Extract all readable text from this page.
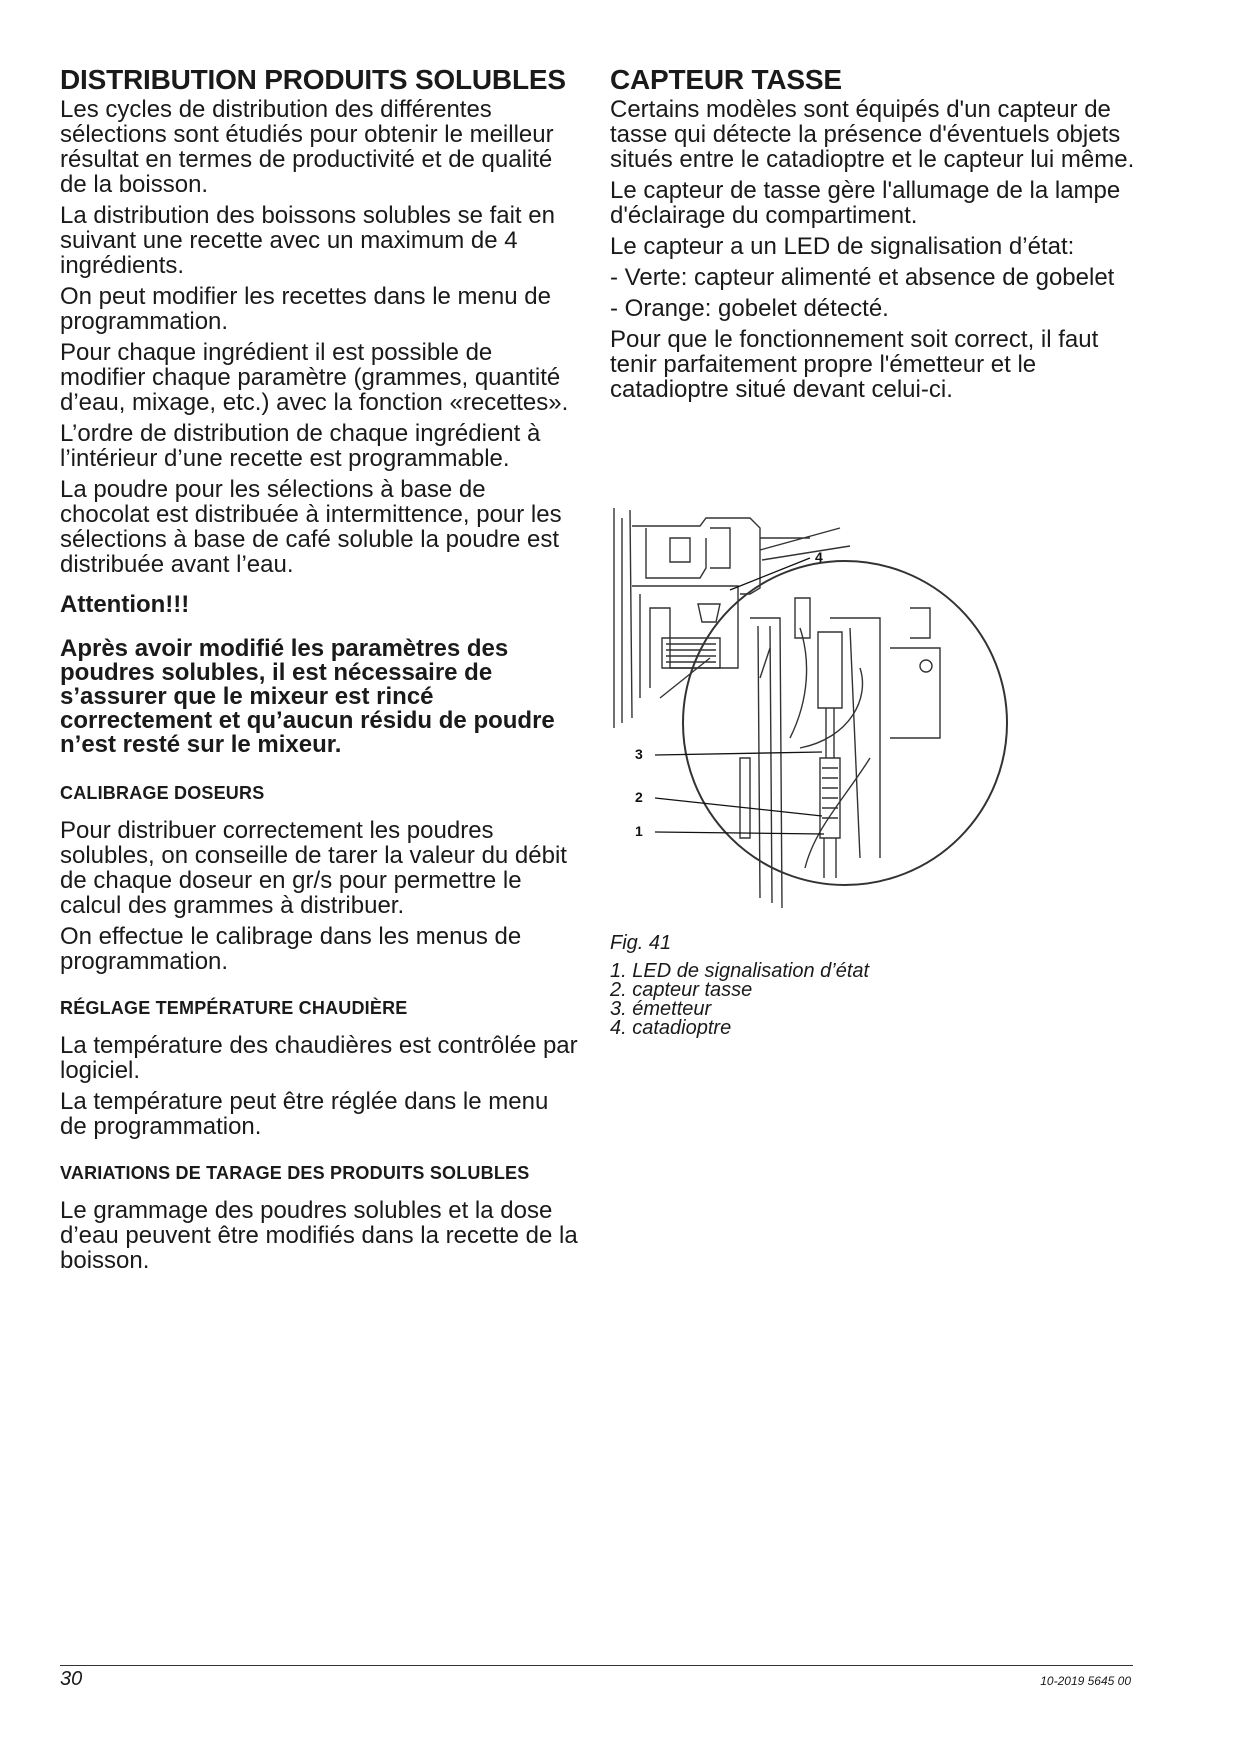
DISTRIBUTION PRODUITS SOLUBLES

Les cycles de distribution des différentes sélections sont étudiés pour obtenir le meilleur résultat en termes de productivité et de qualité de la boisson.

La distribution des boissons solubles se fait en suivant une recette avec un maximum de 4 ingrédients.

On peut modifier les recettes dans le menu de programmation.

Pour chaque ingrédient il est possible de modifier chaque paramètre (grammes, quantité d’eau, mixage, etc.) avec la fonction «recettes».

L’ordre de distribution de chaque ingrédient à l’intérieur d’une recette est programmable.

La poudre pour les sélections à base de chocolat est distribuée à intermittence, pour les sélections à base de café soluble la poudre est distribuée avant l’eau.

Attention!!!
Après avoir modifié les paramètres des poudres solubles, il est nécessaire de s’assurer que le mixeur est rincé correctement et qu’aucun résidu de poudre n’est resté sur le mixeur.
CALIBRAGE DOSEURS

Pour distribuer correctement les poudres solubles, on conseille de tarer la valeur du débit de chaque doseur en gr/s pour permettre le calcul des grammes à distribuer.

On effectue le calibrage dans les menus de programmation.

RÉGLAGE TEMPÉRATURE CHAUDIÈRE

La température des chaudières est contrôlée par logiciel.

La température peut être réglée dans le menu de programmation.

VARIATIONS DE TARAGE DES PRODUITS SOLUBLES

Le grammage des poudres solubles et la dose d’eau peuvent être modifiés dans la recette de la boisson.

CAPTEUR TASSE

Certains modèles sont équipés d'un capteur de tasse qui détecte la présence d'éventuels objets situés entre le catadioptre et le capteur lui même.

Le capteur de tasse gère l'allumage de la lampe d'éclairage du compartiment.

Le capteur a un LED de signalisation d’état:

- Verte: capteur alimenté et absence de gobelet
- Orange: gobelet détecté.

Pour que le fonctionnement soit correct, il faut tenir parfaitement propre l'émetteur et le catadioptre situé devant celui-ci.

4
3
2
1
Fig. 41
1. LED de signalisation d’état
2. capteur tasse
3. émetteur
4. catadioptre
30	10-2019 5645 00
